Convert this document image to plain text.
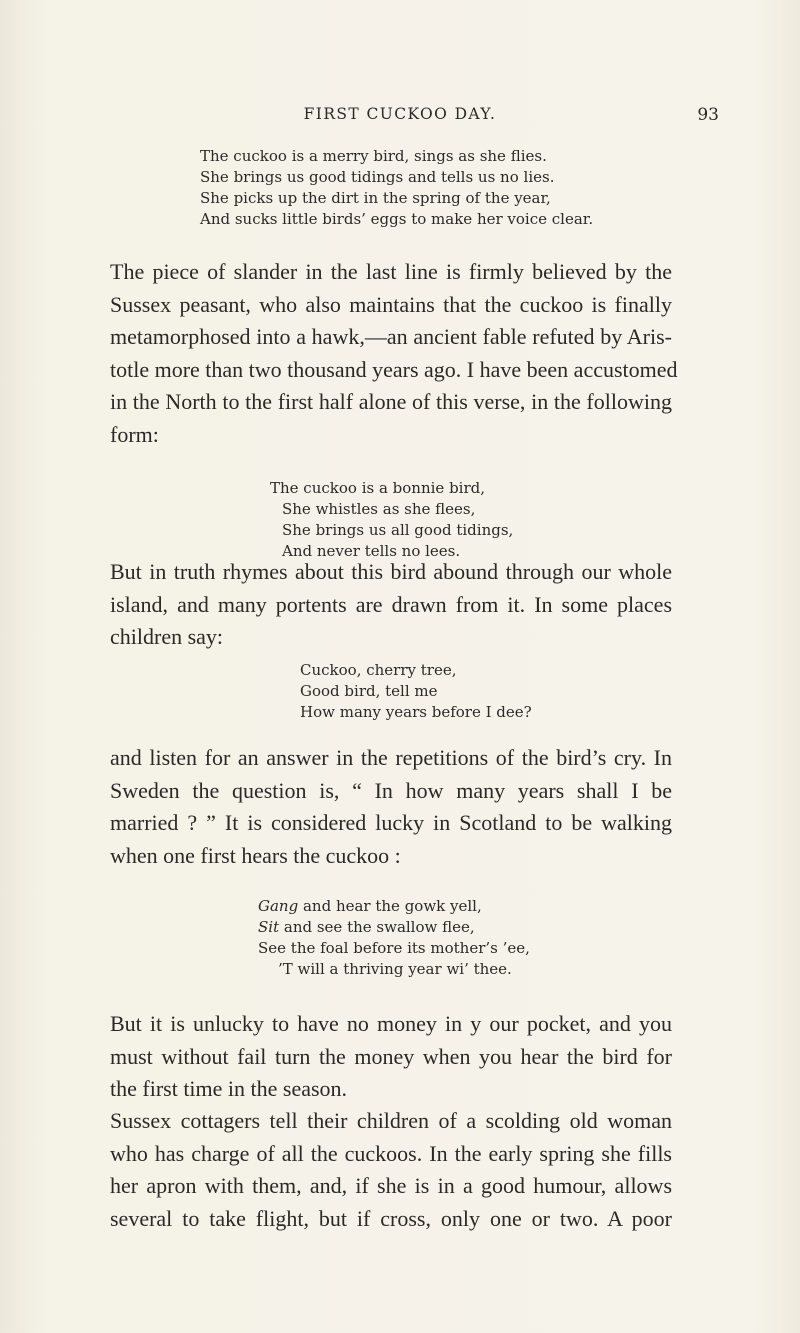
FIRST CUCKOO DAY.	93
The cuckoo is a merry bird, sings as she flies.
She brings us good tidings and tells us no lies.
She picks up the dirt in the spring of the year,
And sucks little birds’ eggs to make her voice clear.
The piece of slander in the last line is firmly believed by the
Sussex peasant, who also maintains that the cuckoo is finally
metamorphosed into a hawk,—an ancient fable refuted by Aris-
totle more than two thousand years ago. I have been accustomed
in the North to the first half alone of this verse, in the following
form:
The cuckoo is a bonnie bird,
She whistles as she flees,
She brings us all good tidings,
And never tells no lees.
But in truth rhymes about this bird abound through our whole
island, and many portents are drawn from it. In some places
children say:
Cuckoo, cherry tree,
Good bird, tell me
How many years before I dee?
and listen for an answer in the repetitions of the bird’s cry. In
Sweden the question is, “ In how many years shall I be
married ? ” It is considered lucky in Scotland to be walking
when one first hears the cuckoo :
Gang and hear the gowk yell,
Sit and see the swallow flee,
See the foal before its mother’s ’ee,
’T will a thriving year wi’ thee.
But it is unlucky to have no money in y our pocket, and you
must without fail turn the money when you hear the bird for
the first time in the season.
Sussex cottagers tell their children of a scolding old woman
who has charge of all the cuckoos. In the early spring she fills
her apron with them, and, if she is in a good humour, allows
several to take flight, but if cross, only one or two. A poor
